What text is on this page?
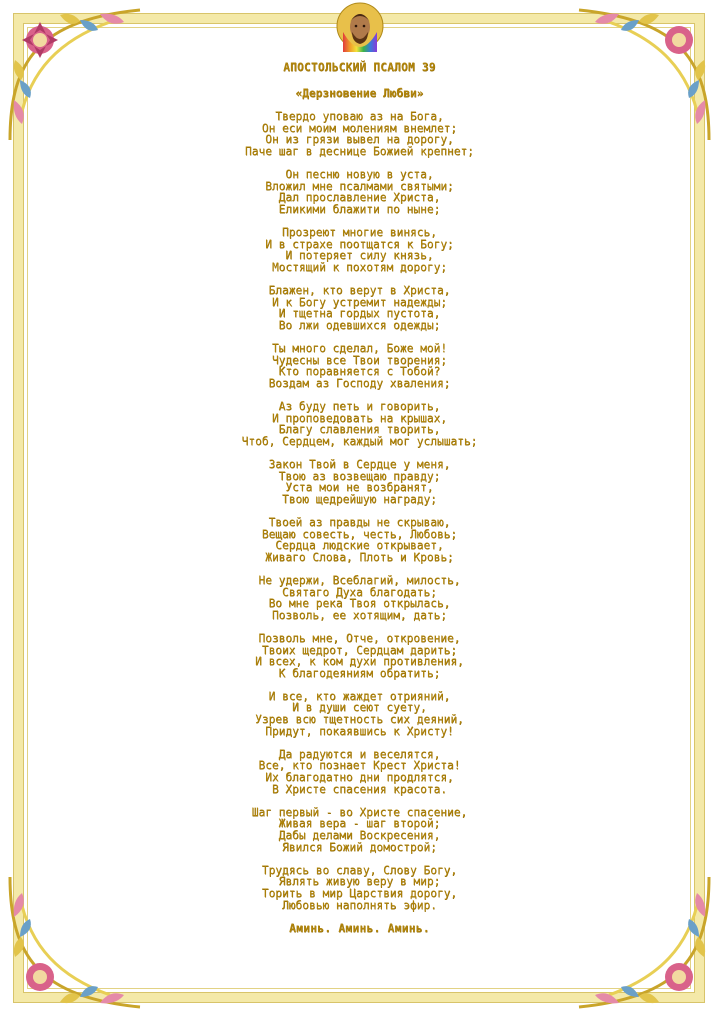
АПОСТОЛЬСКИЙ ПСАЛОМ 39
«Дерзновение Любви»
Твердо уповаю аз на Бога,
Он еси моим молениям внемлет;
Он из грязи вывел на дорогу,
Паче шаг в деснице Божией крепнет;
Он песню новую в уста,
Вложил мне псалмами святыми;
Дал прославление Христа,
Еликими блажити по ныне;
Прозреют многие винясь,
И в страхе поотщатся к Богу;
И потеряет силу князь,
Мостящий к похотям дорогу;
Блажен, кто верут в Христа,
И к Богу устремит надежды;
И тщетна гордых пустота,
Во лжи одевшихся одежды;
Ты много сделал, Боже мой!
Чудесны все Твои творения;
Кто поравняется с Тобой?
Воздам аз Господу хваления;
Аз буду петь и говорить,
И проповедовать на крышах,
Благу славления творить,
Чтоб, Сердцем, каждый мог услышать;
Закон Твой в Сердце у меня,
Твою аз возвещаю правду;
Уста мои не возбранят,
Твою щедрейшую награду;
Твоей аз правды не скрываю,
Вещаю совесть, честь, Любовь;
Сердца людские открывает,
Живаго Слова, Плоть и Кровь;
Не удержи, Всеблагий, милость,
Святаго Духа благодать;
Во мне река Твоя открылась,
Позволь, ее хотящим, дать;
Позволь мне, Отче, откровение,
Твоих щедрот, Сердцам дарить;
И всех, к ком духи противления,
К благодеяниям обратить;
И все, кто жаждет отрияний,
И в души сеют суету,
Узрев всю тщетность сих деяний,
Придут, покаявшись к Христу!
Да радуются и веселятся,
Все, кто познает Крест Христа!
Их благодатно дни продлятся,
В Христе спасения красота.
Шаг первый - во Христе спасение,
Живая вера - шаг второй;
Дабы делами Воскресения,
Явился Божий домострой;
Трудясь во славу, Слову Богу,
Являть живую веру в мир;
Торить в мир Царствия дорогу,
Любовью наполнять эфир.
Аминь. Аминь. Аминь.
